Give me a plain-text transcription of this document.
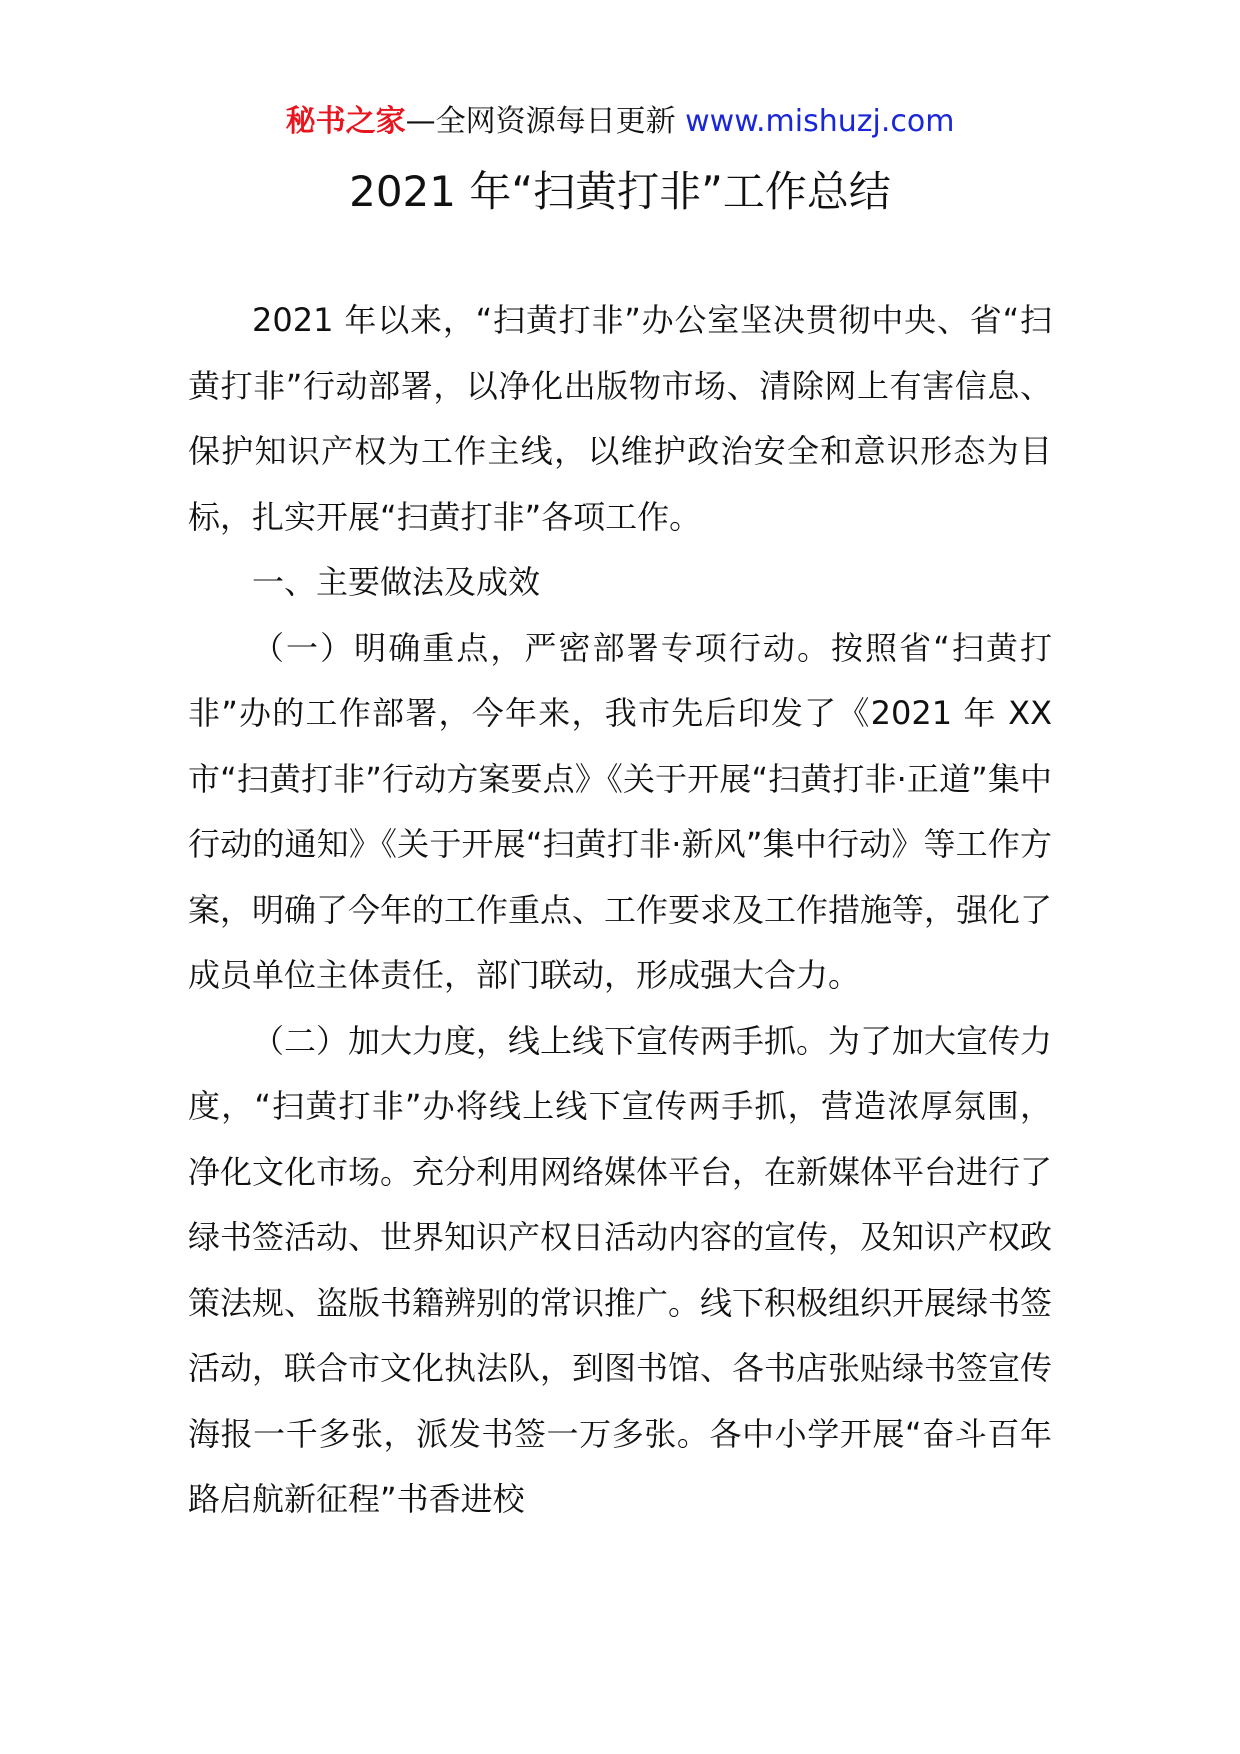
秘书之家—全网资源每日更新 www.mishuzj.com
2021 年“扫黄打非”工作总结

2021 年以来，“扫黄打非”办公室坚决贯彻中央、省“扫黄打非”行动部署，以净化出版物市场、清除网上有害信息、保护知识产权为工作主线，以维护政治安全和意识形态为目标，扎实开展“扫黄打非”各项工作。

一、主要做法及成效

（一）明确重点，严密部署专项行动。按照省“扫黄打非”办的工作部署，今年来，我市先后印发了《2021 年 XX 市“扫黄打非”行动方案要点》《关于开展“扫黄打非·正道”集中行动的通知》《关于开展“扫黄打非·新风”集中行动》等工作方案，明确了今年的工作重点、工作要求及工作措施等，强化了成员单位主体责任，部门联动，形成强大合力。

（二）加大力度，线上线下宣传两手抓。为了加大宣传力度，“扫黄打非”办将线上线下宣传两手抓，营造浓厚氛围，净化文化市场。充分利用网络媒体平台，在新媒体平台进行了绿书签活动、世界知识产权日活动内容的宣传，及知识产权政策法规、盗版书籍辨别的常识推广。线下积极组织开展绿书签活动，联合市文化执法队，到图书馆、各书店张贴绿书签宣传海报一千多张，派发书签一万多张。各中小学开展“奋斗百年路启航新征程”书香进校
